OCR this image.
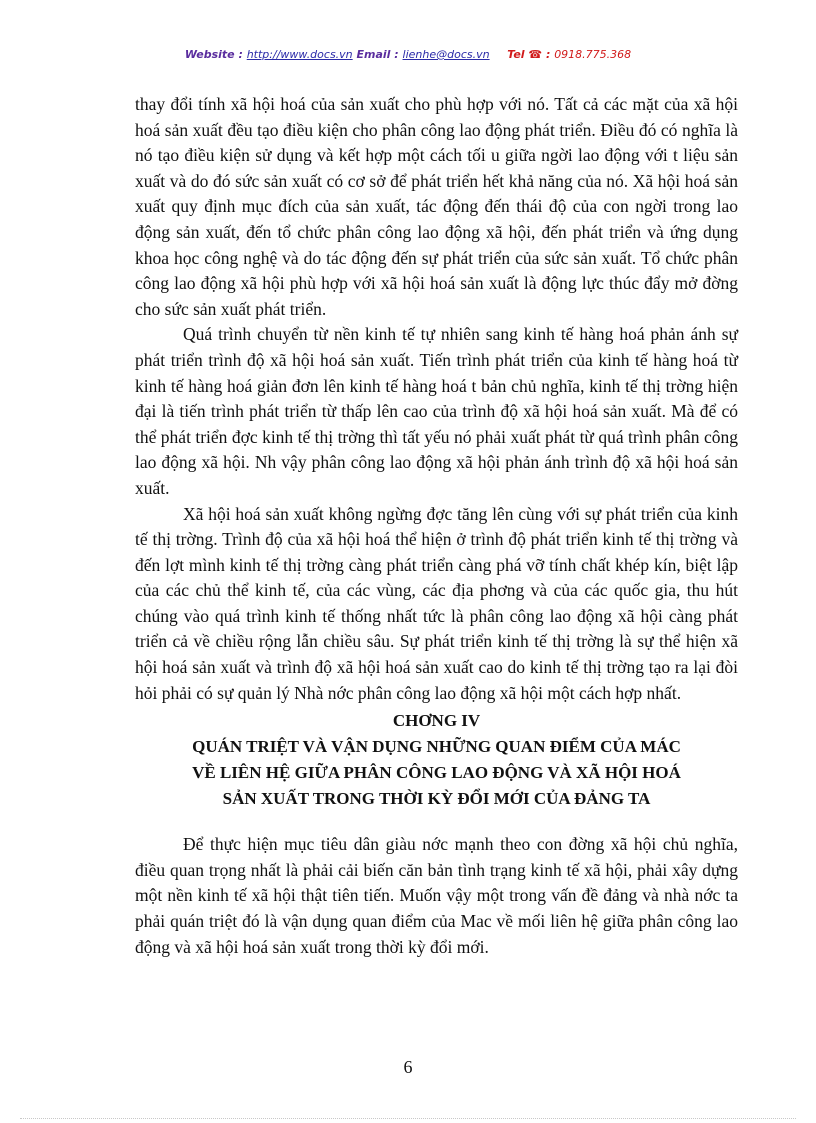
Website : http://www.docs.vn Email : lienhe@docs.vn Tel ☎ : 0918.775.368

thay đổi tính xã hội hoá của sản xuất cho phù hợp với nó. Tất cả các mặt của xã hội hoá sản xuất đều tạo điều kiện cho phân công lao động phát triển. Điều đó có nghĩa là nó tạo điều kiện sử dụng và kết hợp một cách tối u giữa ngời lao động với t liệu sản xuất và do đó sức sản xuất có cơ sở để phát triển hết khả năng của nó. Xã hội hoá sản xuất quy định mục đích của sản xuất, tác động đến thái độ của con ngời trong lao động sản xuất, đến tổ chức phân công lao động xã hội, đến phát triển và ứng dụng khoa học công nghệ và do tác động đến sự phát triển của sức sản xuất. Tổ chức phân công lao động xã hội phù hợp với xã hội hoá sản xuất là động lực thúc đẩy mở đờng cho sức sản xuất phát triển.

Quá trình chuyển từ nền kinh tế tự nhiên sang kinh tế hàng hoá phản ánh sự phát triển trình độ xã hội hoá sản xuất. Tiến trình phát triển của kinh tế hàng hoá từ kinh tế hàng hoá giản đơn lên kinh tế hàng hoá t bản chủ nghĩa, kinh tế thị trờng hiện đại là tiến trình phát triển từ thấp lên cao của trình độ xã hội hoá sản xuất. Mà để có thể phát triển đợc kinh tế thị trờng thì tất yếu nó phải xuất phát từ quá trình phân công lao động xã hội. Nh vậy phân công lao động xã hội phản ánh trình độ xã hội hoá sản xuất.

Xã hội hoá sản xuất không ngừng đợc tăng lên cùng với sự phát triển của kinh tế thị trờng. Trình độ của xã hội hoá thể hiện ở trình độ phát triển kinh tế thị trờng và đến lợt mình kinh tế thị trờng càng phát triển càng phá vỡ tính chất khép kín, biệt lập của các chủ thể kinh tế, của các vùng, các địa phơng và của các quốc gia, thu hút chúng vào quá trình kinh tế thống nhất tức là phân công lao động xã hội càng phát triển cả về chiều rộng lẫn chiều sâu. Sự phát triển kinh tế thị trờng là sự thể hiện xã hội hoá sản xuất và trình độ xã hội hoá sản xuất cao do kinh tế thị trờng tạo ra lại đòi hỏi phải có sự quản lý Nhà nớc phân công lao động xã hội một cách hợp nhất.

CHƠNG IV
QUÁN TRIỆT VÀ VẬN DỤNG NHỮNG QUAN ĐIỂM CỦA MÁC
VỀ LIÊN HỆ GIỮA PHÂN CÔNG LAO ĐỘNG VÀ XÃ HỘI HOÁ
SẢN XUẤT TRONG THỜI KỲ ĐỔI MỚI CỦA ĐẢNG TA

Để thực hiện mục tiêu dân giàu nớc mạnh theo con đờng xã hội chủ nghĩa, điều quan trọng nhất là phải cải biến căn bản tình trạng kinh tế xã hội, phải xây dựng một nền kinh tế xã hội thật tiên tiến. Muốn vậy một trong vấn đề đảng và nhà nớc ta phải quán triệt đó là vận dụng quan điểm của Mac về mối liên hệ giữa phân công lao động và xã hội hoá sản xuất trong thời kỳ đổi mới.

6
